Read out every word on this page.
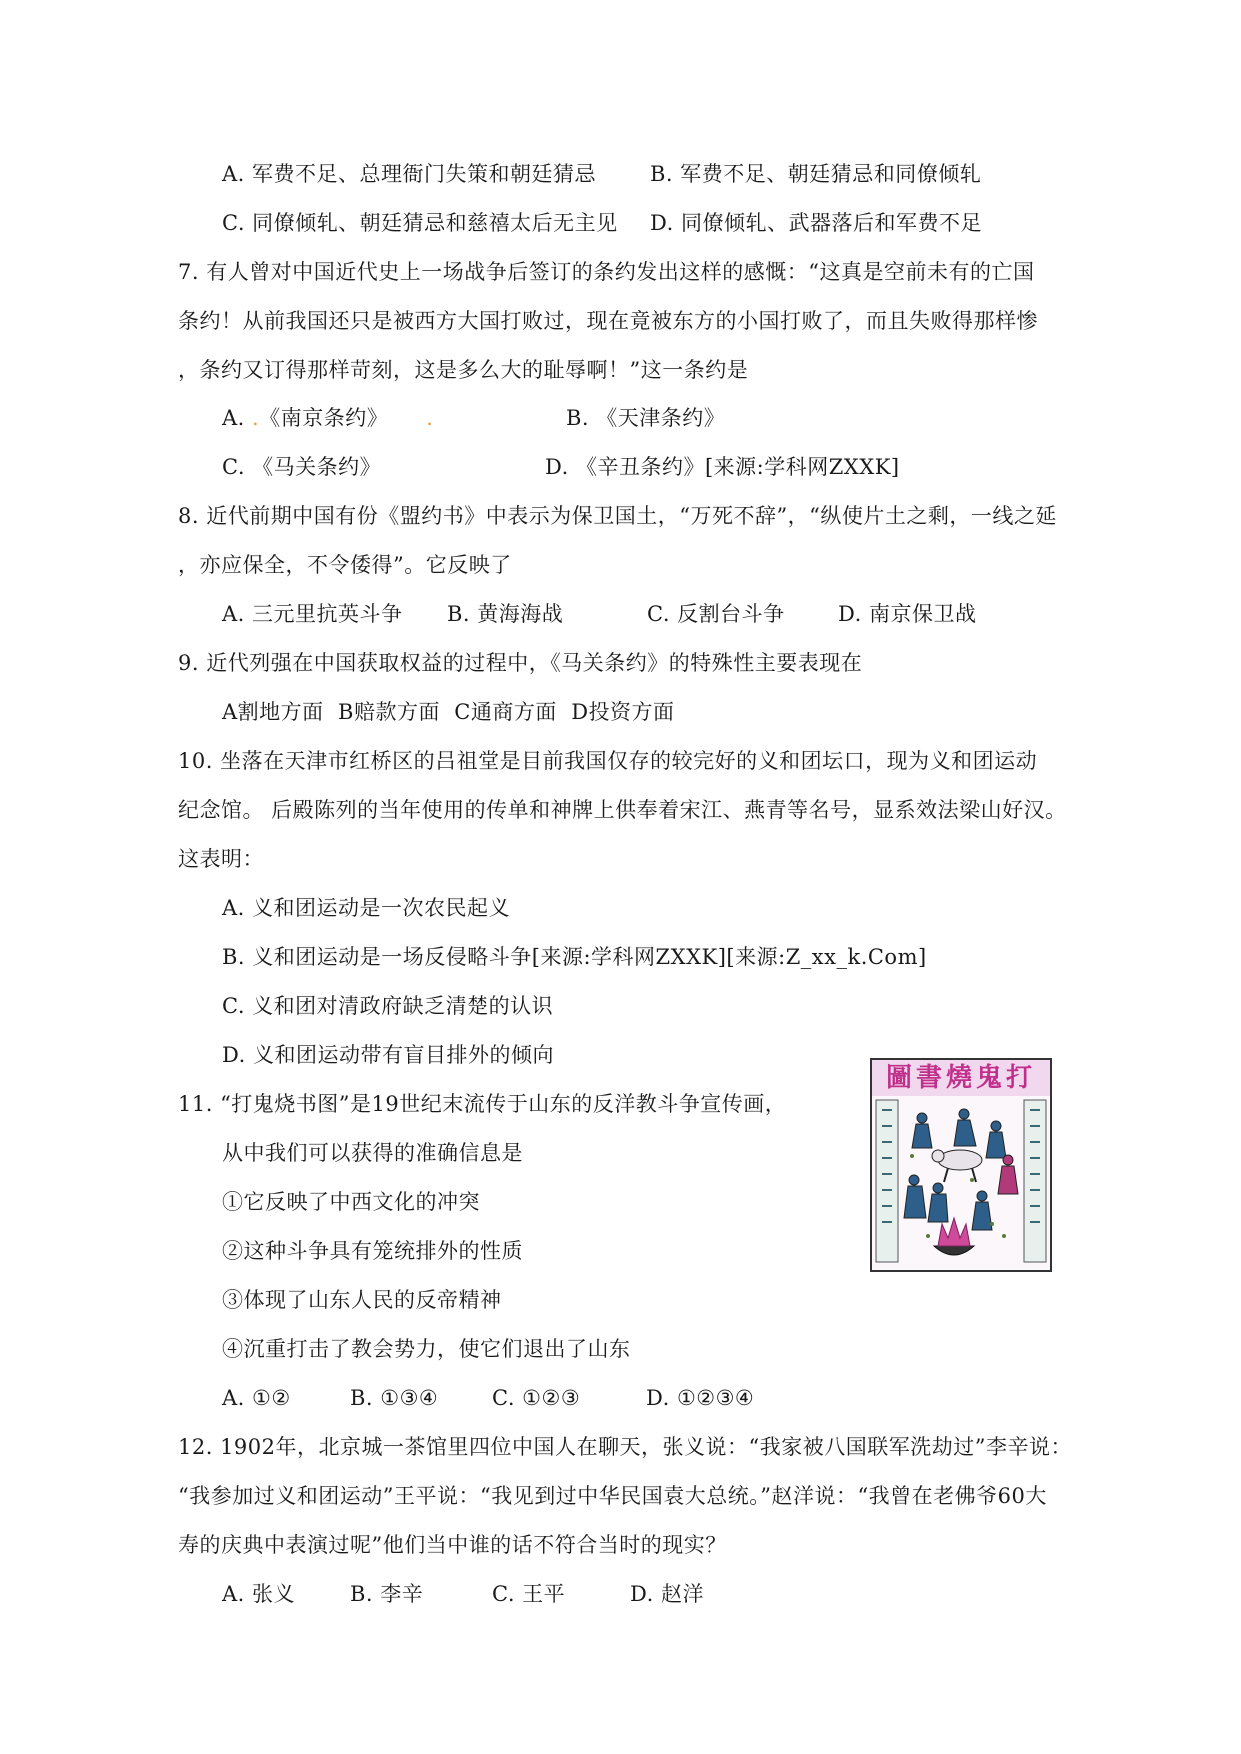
A. 军费不足、总理衙门失策和朝廷猜忌	B. 军费不足、朝廷猜忌和同僚倾轧
C. 同僚倾轧、朝廷猜忌和慈禧太后无主见 D. 同僚倾轧、武器落后和军费不足
7. 有人曾对中国近代史上一场战争后签订的条约发出这样的感慨：“这真是空前未有的亡国
条约！从前我国还只是被西方大国打败过，现在竟被东方的小国打败了，而且失败得那样惨
，条约又订得那样苛刻，这是多么大的耻辱啊！”这一条约是
A. .《南京条约》 .	B. 《天津条约》
C. 《马关条约》	D. 《辛丑条约》[来源:学科网ZXXK]
8. 近代前期中国有份《盟约书》中表示为保卫国土，“万死不辞”，“纵使片土之剩，一线之延
，亦应保全，不令倭得”。它反映了
A. 三元里抗英斗争 B. 黄海海战	C. 反割台斗争	D. 南京保卫战
9. 近代列强在中国获取权益的过程中，《马关条约》的特殊性主要表现在
A割地方面  B赔款方面  C通商方面  D投资方面
10. 坐落在天津市红桥区的吕祖堂是目前我国仅存的较完好的义和团坛口，现为义和团运动
纪念馆。 后殿陈列的当年使用的传单和神牌上供奉着宋江、燕青等名号，显系效法梁山好汉。
这表明：
A. 义和团运动是一次农民起义
B. 义和团运动是一场反侵略斗争[来源:学科网ZXXK][来源:Z_xx_k.Com]
C. 义和团对清政府缺乏清楚的认识
D. 义和团运动带有盲目排外的倾向
11. “打鬼烧书图”是19世纪末流传于山东的反洋教斗争宣传画，
从中我们可以获得的准确信息是
①它反映了中西文化的冲突
②这种斗争具有笼统排外的性质
③体现了山东人民的反帝精神
④沉重打击了教会势力，使它们退出了山东
A. ①②	B. ①③④	C. ①②③	D. ①②③④
圖書燒鬼打
12. 1902年，北京城一茶馆里四位中国人在聊天，张义说：“我家被八国联军洗劫过”李辛说：
“我参加过义和团运动”王平说：“我见到过中华民国袁大总统。”赵洋说：“我曾在老佛爷60大
寿的庆典中表演过呢”他们当中谁的话不符合当时的现实？
A. 张义	B. 李辛	C. 王平	D. 赵洋
